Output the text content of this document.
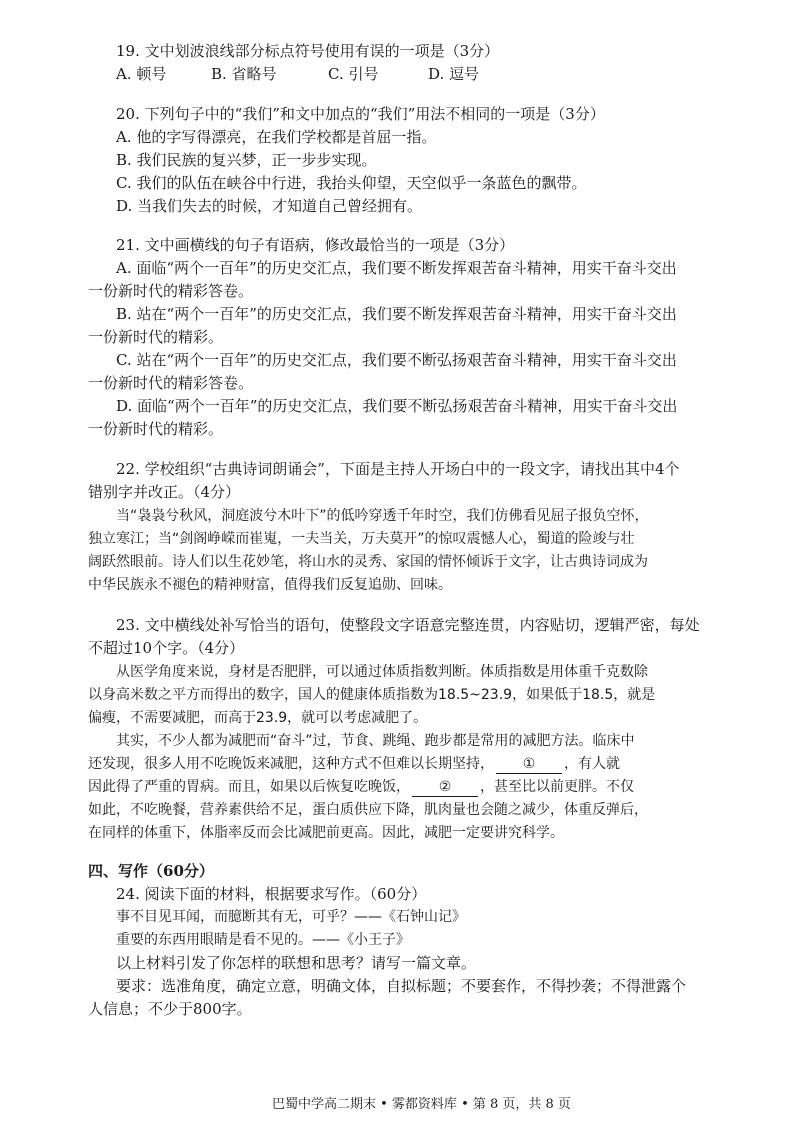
19. 文中划波浪线部分标点符号使用有误的一项是（3分）
A. 顿号	B. 省略号	C. 引号	D. 逗号
20. 下列句子中的“我们”和文中加点的“我们”用法不相同的一项是（3分）
A. 他的字写得漂亮，在我们学校都是首屈一指。
B. 我们民族的复兴梦，正一步步实现。
C. 我们的队伍在峡谷中行进，我抬头仰望，天空似乎一条蓝色的飘带。
D. 当我们失去的时候，才知道自己曾经拥有。
21. 文中画横线的句子有语病，修改最恰当的一项是（3分）
A. 面临“两个一百年”的历史交汇点，我们要不断发挥艰苦奋斗精神，用实干奋斗交出
一份新时代的精彩答卷。
B. 站在“两个一百年”的历史交汇点，我们要不断发挥艰苦奋斗精神，用实干奋斗交出
一份新时代的精彩。
C. 站在“两个一百年”的历史交汇点，我们要不断弘扬艰苦奋斗精神，用实干奋斗交出
一份新时代的精彩答卷。
D. 面临“两个一百年”的历史交汇点，我们要不断弘扬艰苦奋斗精神，用实干奋斗交出
一份新时代的精彩。
22. 学校组织“古典诗词朗诵会”，下面是主持人开场白中的一段文字，请找出其中4个
错别字并改正。（4分）
当“袅袅兮秋风，洞庭波兮木叶下”的低吟穿透千年时空，我们仿佛看见屈子报负空怀，
独立寒江；当“剑阁峥嵘而崔嵬，一夫当关，万夫莫开”的惊叹震憾人心，蜀道的险竣与壮
阔跃然眼前。诗人们以生花妙笔，将山水的灵秀、家国的情怀倾诉于文字，让古典诗词成为
中华民族永不褪色的精神财富，值得我们反复追勋、回味。
23. 文中横线处补写恰当的语句，使整段文字语意完整连贯，内容贴切，逻辑严密，每处
不超过10个字。（4分）
从医学角度来说，身材是否肥胖，可以通过体质指数判断。体质指数是用体重千克数除
以身高米数之平方而得出的数字，国人的健康体质指数为18.5~23.9，如果低于18.5，就是
偏瘦，不需要减肥，而高于23.9，就可以考虑减肥了。
其实，不少人都为减肥而“奋斗”过，节食、跳绳、跑步都是常用的减肥方法。临床中
还发现，很多人用不吃晚饭来减肥，这种方式不但难以长期坚持， ① ，有人就
因此得了严重的胃病。而且，如果以后恢复吃晚饭， ② ，甚至比以前更胖。不仅
如此，不吃晚餐，营养素供给不足，蛋白质供应下降，肌肉量也会随之减少，体重反弹后，
在同样的体重下，体脂率反而会比减肥前更高。因此，减肥一定要讲究科学。
四、写作（60分）
24. 阅读下面的材料，根据要求写作。（60分）
事不目见耳闻，而臆断其有无，可乎？——《石钟山记》
重要的东西用眼睛是看不见的。——《小王子》
以上材料引发了你怎样的联想和思考？请写一篇文章。
要求：选准角度，确定立意，明确文体，自拟标题；不要套作，不得抄袭；不得泄露个
人信息；不少于800字。
巴蜀中学高二期末 • 雾都资料库 • 第 8 页，共 8 页
